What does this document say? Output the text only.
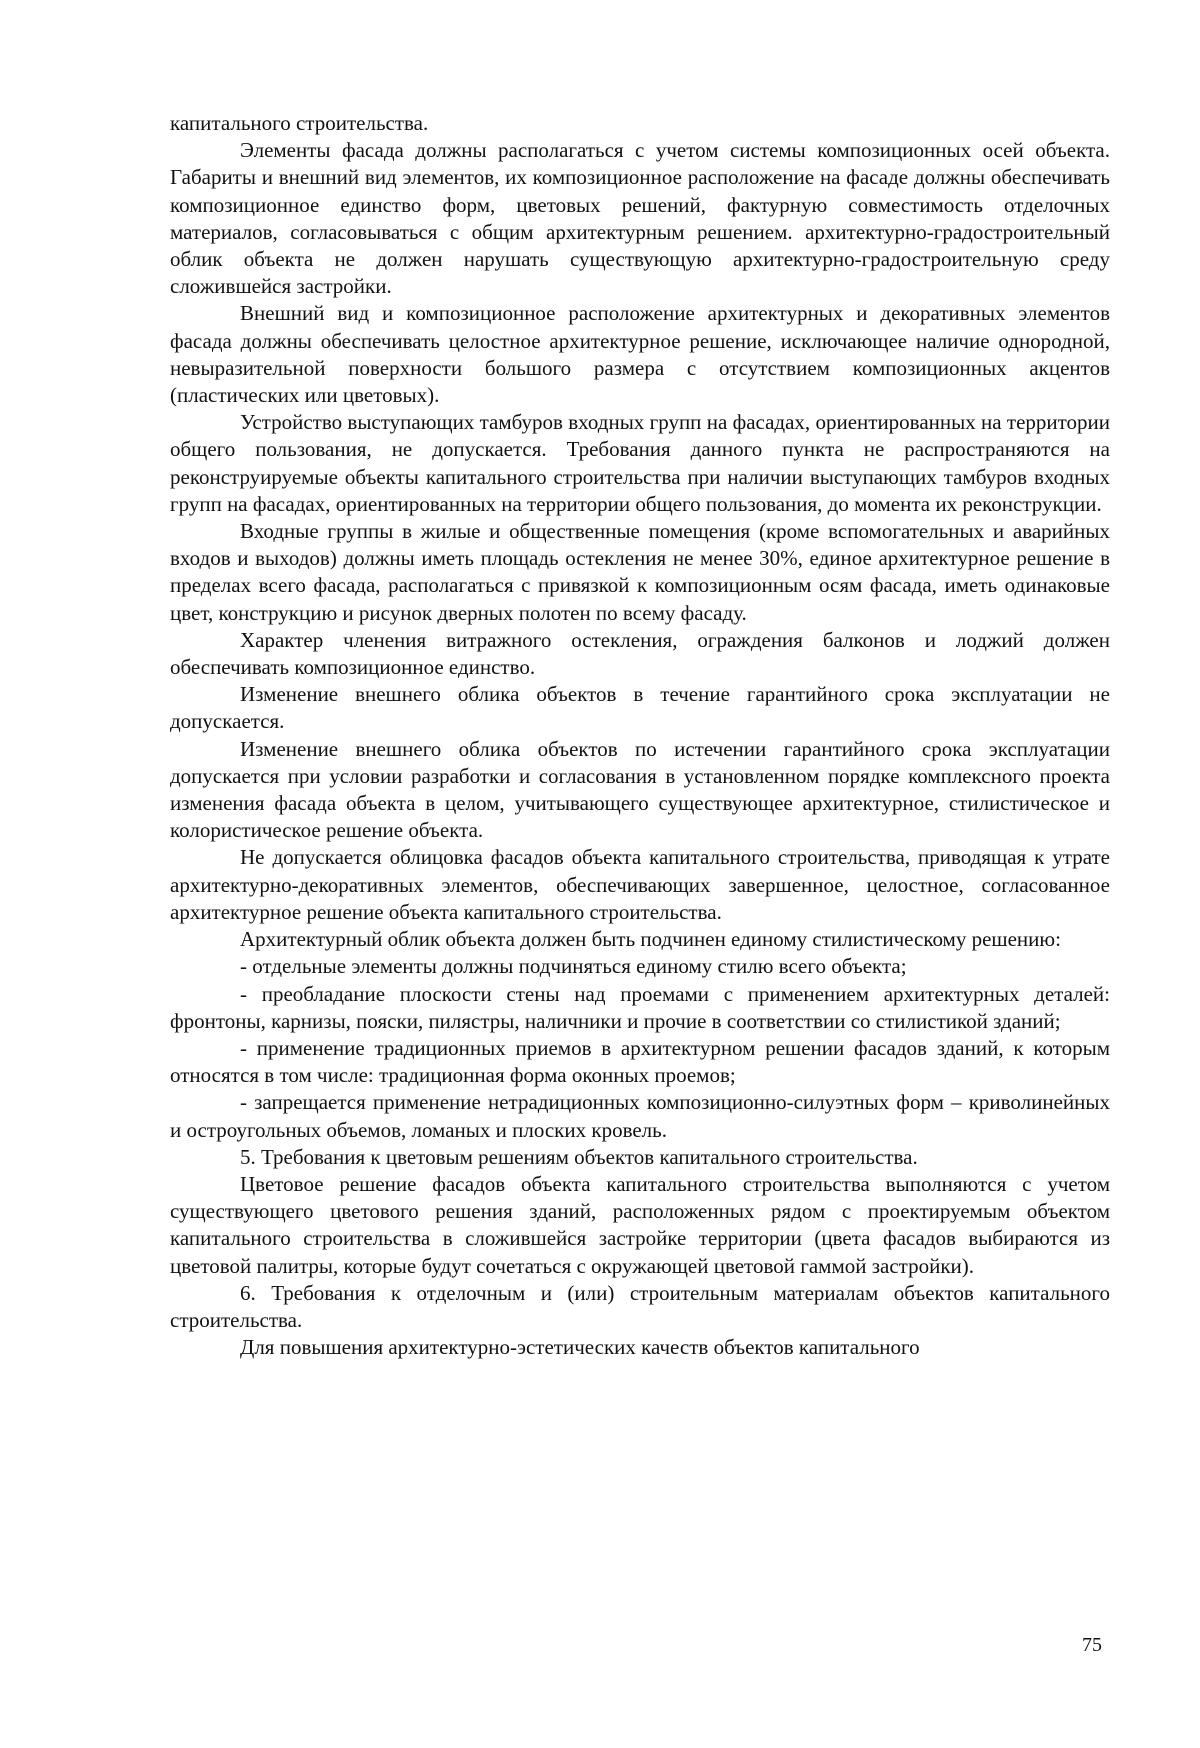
капитального строительства.

Элементы фасада должны располагаться с учетом системы композиционных осей объекта. Габариты и внешний вид элементов, их композиционное расположение на фасаде должны обеспечивать композиционное единство форм, цветовых решений, фактурную совместимость отделочных материалов, согласовываться с общим архитектурным решением. архитектурно-градостроительный облик объекта не должен нарушать существующую архитектурно-градостроительную среду сложившейся застройки.

Внешний вид и композиционное расположение архитектурных и декоративных элементов фасада должны обеспечивать целостное архитектурное решение, исключающее наличие однородной, невыразительной поверхности большого размера с отсутствием композиционных акцентов (пластических или цветовых).

Устройство выступающих тамбуров входных групп на фасадах, ориентированных на территории общего пользования, не допускается. Требования данного пункта не распространяются на реконструируемые объекты капитального строительства при наличии выступающих тамбуров входных групп на фасадах, ориентированных на территории общего пользования, до момента их реконструкции.

Входные группы в жилые и общественные помещения (кроме вспомогательных и аварийных входов и выходов) должны иметь площадь остекления не менее 30%, единое архитектурное решение в пределах всего фасада, располагаться с привязкой к композиционным осям фасада, иметь одинаковые цвет, конструкцию и рисунок дверных полотен по всему фасаду.

Характер членения витражного остекления, ограждения балконов и лоджий должен обеспечивать композиционное единство.

Изменение внешнего облика объектов в течение гарантийного срока эксплуатации не допускается.

Изменение внешнего облика объектов по истечении гарантийного срока эксплуатации допускается при условии разработки и согласования в установленном порядке комплексного проекта изменения фасада объекта в целом, учитывающего существующее архитектурное, стилистическое и колористическое решение объекта.

Не допускается облицовка фасадов объекта капитального строительства, приводящая к утрате архитектурно-декоративных элементов, обеспечивающих завершенное, целостное, согласованное архитектурное решение объекта капитального строительства.

Архитектурный облик объекта должен быть подчинен единому стилистическому решению:

- отдельные элементы должны подчиняться единому стилю всего объекта;

- преобладание плоскости стены над проемами с применением архитектурных деталей: фронтоны, карнизы, пояски, пилястры, наличники и прочие в соответствии со стилистикой зданий;

- применение традиционных приемов в архитектурном решении фасадов зданий, к которым относятся в том числе: традиционная форма оконных проемов;

- запрещается применение нетрадиционных композиционно-силуэтных форм – криволинейных и остроугольных объемов, ломаных и плоских кровель.

5. Требования к цветовым решениям объектов капитального строительства.

Цветовое решение фасадов объекта капитального строительства выполняются с учетом существующего цветового решения зданий, расположенных рядом с проектируемым объектом капитального строительства в сложившейся застройке территории (цвета фасадов выбираются из цветовой палитры, которые будут сочетаться с окружающей цветовой гаммой застройки).

6. Требования к отделочным и (или) строительным материалам объектов капитального строительства.

Для повышения архитектурно-эстетических качеств объектов капитального

75
